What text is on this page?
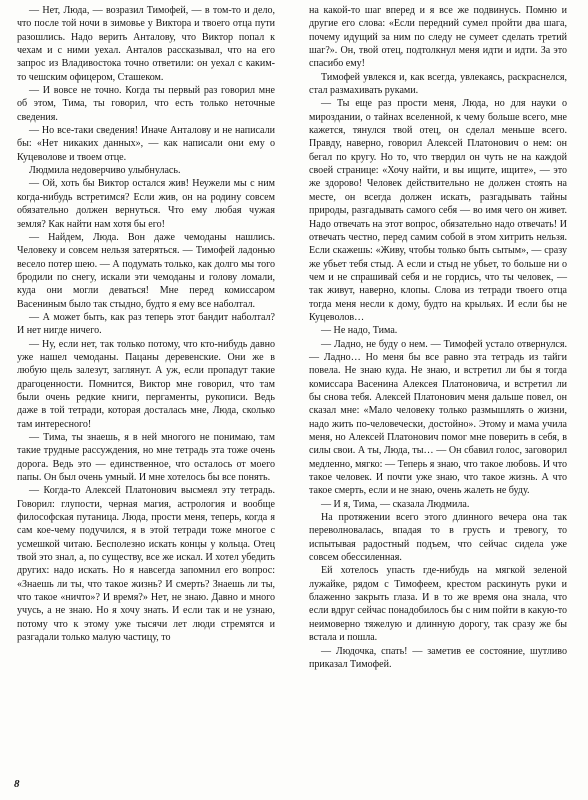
— Нет, Люда, — возразил Тимофей, — в том-то и дело, что после той ночи в зимовье у Виктора и твоего отца пути разошлись. Надо верить Анталову, что Виктор попал к чехам и с ними уехал. Анталов рассказывал, что на его запрос из Владивостока точно ответили: он уехал с каким-то чешским офицером, Сташеком.

— И вовсе не точно. Когда ты первый раз говорил мне об этом, Тима, ты говорил, что есть только неточные сведения.

— Но все-таки сведения! Иначе Анталову и не написали бы: «Нет никаких данных», — как написали они ему о Куцеволове и твоем отце.

Людмила недоверчиво улыбнулась.

— Ой, хоть бы Виктор остался жив! Неужели мы с ним когда-нибудь встретимся? Если жив, он на родину совсем обязательно должен вернуться. Что ему любая чужая земля? Как найти нам хотя бы его!

— Найдем, Люда. Вон даже чемоданы нашлись. Человеку и совсем нельзя затеряться. — Тимофей ладонью весело потер шею. — А подумать только, как долго мы того бродили по снегу, искали эти чемоданы и голову ломали, куда они могли деваться! Мне перед комиссаром Васениным было так стыдно, будто я ему все наболтал.

— А может быть, как раз теперь этот бандит наболтал? И нет нигде ничего.

— Ну, если нет, так только потому, что кто-нибудь давно уже нашел чемоданы. Пацаны деревенские. Они же в любую щель залезут, заглянут. А уж, если пропадут такие драгоценности. Помнится, Виктор мне говорил, что там были очень редкие книги, пергаменты, рукописи. Ведь даже в той тетради, которая досталась мне, Люда, сколько там интересного!

— Тима, ты знаешь, я в ней многого не понимаю, там такие трудные рассуждения, но мне тетрадь эта тоже очень дорога. Ведь это — единственное, что осталось от моего папы. Он был очень умный. И мне хотелось бы все понять.

— Когда-то Алексей Платонович высмеял эту тетрадь. Говорил: глупости, черная магия, астрология и вообще философская путаница. Люда, прости меня, теперь, когда я сам кое-чему подучился, я в этой тетради тоже многое с усмешкой читаю. Бесполезно искать концы у кольца. Отец твой это знал, а, по существу, все же искал. И хотел убедить других: надо искать. Но я навсегда запомнил его вопрос: «Знаешь ли ты, что такое жизнь? И смерть? Знаешь ли ты, что такое «ничто»? И время?» Нет, не знаю. Давно и много учусь, а не знаю. Но я хочу знать. И если так и не узнаю, потому что к этому уже тысячи лет люди стремятся и разгадали только малую частицу, то

на какой-то шаг вперед и я все же подвинусь. Помню и другие его слова: «Если передний сумел пройти два шага, почему идущий за ним по следу не сумеет сделать третий шаг?». Он, твой отец, подтолкнул меня идти и идти. За это спасибо ему!

Тимофей увлекся и, как всегда, увлекаясь, раскраснелся, стал размахивать руками.

— Ты еще раз прости меня, Люда, но для науки о мироздании, о тайнах вселенной, к чему больше всего, мне кажется, тянулся твой отец, он сделал меньше всего. Правду, наверно, говорил Алексей Платонович о нем: он бегал по кругу. Но то, что твердил он чуть не на каждой своей странице: «Хочу найти, и вы ищите, ищите», — это же здорово! Человек действительно не должен стоять на месте, он всегда должен искать, разгадывать тайны природы, разгадывать самого себя — во имя чего он живет. Надо отвечать на этот вопрос, обязательно надо отвечать! И отвечать честно, перед самим собой в этом хитрить нельзя. Если скажешь: «Живу, чтобы только быть сытым», — сразу же убьет тебя стыд. А если и стыд не убьет, то больше ни о чем и не спрашивай себя и не гордись, что ты человек, — так живут, наверно, клопы. Слова из тетради твоего отца тогда меня несли к дому, будто на крыльях. И если бы не Куцеволов…

— Не надо, Тима.

— Ладно, не буду о нем. — Тимофей устало отвернулся. — Ладно… Но меня бы все равно эта тетрадь из тайги повела. Не знаю куда. Не знаю, и встретил ли бы я тогда комиссара Васенина Алексея Платоновича, и встретил ли бы снова тебя. Алексей Платонович меня дальше повел, он сказал мне: «Мало человеку только размышлять о жизни, надо жить по-человечески, достойно». Этому и мама учила меня, но Алексей Платонович помог мне поверить в себя, в силы свои. А ты, Люда, ты… — Он сбавил голос, заговорил медленно, мягко: — Теперь я знаю, что такое любовь. И что такое человек. И почти уже знаю, что такое жизнь. А что такое смерть, если и не знаю, очень жалеть не буду.

— И я, Тима, — сказала Людмила.

На протяжении всего этого длинного вечера она так переволновалась, впадая то в грусть и тревогу, то испытывая радостный подъем, что сейчас сидела уже совсем обессиленная.

Ей хотелось упасть где-нибудь на мягкой зеленой лужайке, рядом с Тимофеем, крестом раскинуть руки и блаженно закрыть глаза. И в то же время она знала, что если вдруг сейчас понадобилось бы с ним пойти в какую-то неимоверно тяжелую и длинную дорогу, так сразу же бы встала и пошла.

— Людочка, спать! — заметив ее состояние, шутливо приказал Тимофей.

8
